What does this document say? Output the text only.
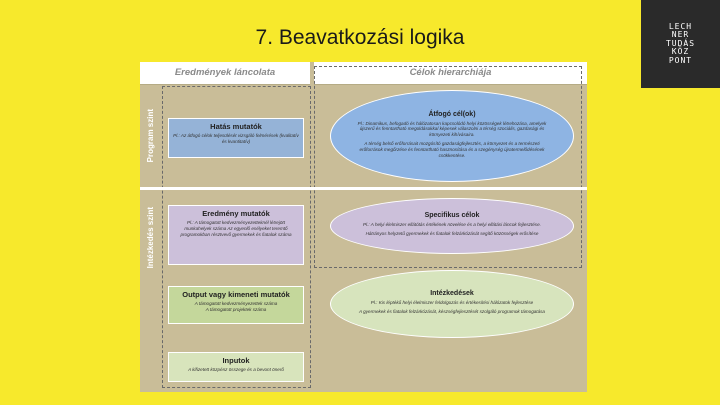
7. Beavatkozási logika	LECH
NER
TUDÁS
KÖZ
PONT
Eredmények láncolata	Célok hierarchiája
Program szint
Intézkedés szint
Hatás mutatók

Pl.: Az átfogó célok teljesülését vizsgáló felmérések (kvalitatív és kvantitatív)

Eredmény mutatók

Pl.: A támogatott kedvezményezetteknél létrejött munkahelyek száma Az egyenlő esélyeket teremtő programokban résztvevő gyermekek és fiatalok száma

Output vagy kimeneti mutatók

A támogatott kedvezményezettek száma

A támogatott projektek száma

Inputok

A kifizetett közpénz összege és a bevont önerő

Átfogó cél(ok)

Pl.: Dinamikus, befogadó és hálózatosan kapcsolódó helyi közösségek létrehozása, amelyek újszerű és fenntartható megoldásokkal képesek válaszolni a térség szociális, gazdasági és környezeti kihívásaira.

A térség belső erőforrásait mozgósító gazdaságfejlesztés, a környezet és a természeti erőforrások megőrzése és fenntartható hasznosítása és a szegénység újratermelődésének csökkentése.

Specifikus célok

Pl.: A helyi élelmiszer ellátótás értékének növelése és a helyi ellátási láncok fejlesztése.

Hátrányos helyzetű gyermekek és fiatalok felzárkózását segítő közösségek erősítése

Intézkedések

Pl.: Kis léptékű helyi élelmiszer feldolgozás és értékesítési hálózatok fejlesztése

A gyermekek és fiatalok felzárkózását, készségfejlesztését szolgáló programok támogatása
